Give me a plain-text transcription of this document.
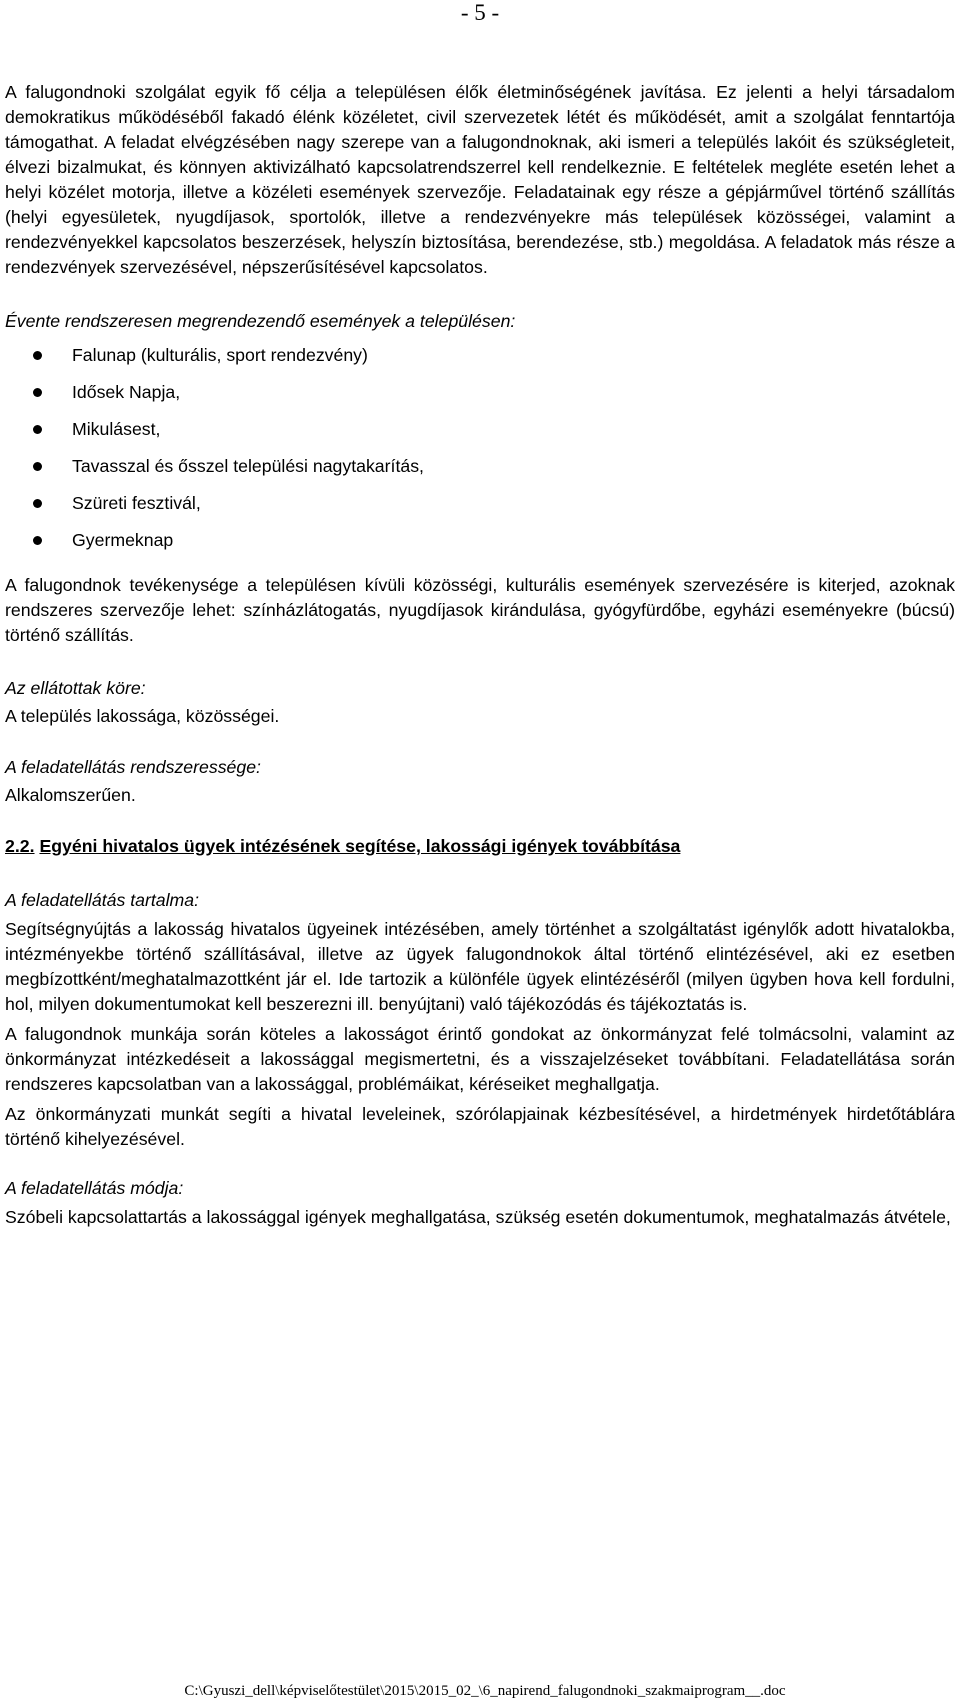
- 5 -

A falugondnoki szolgálat egyik fő célja a településen élők életminőségének javítása. Ez jelenti a helyi társadalom demokratikus működéséből fakadó élénk közéletet, civil szervezetek létét és működését, amit a szolgálat fenntartója támogathat. A feladat elvégzésében nagy szerepe van a falugondnoknak, aki ismeri a település lakóit és szükségleteit, élvezi bizalmukat, és könnyen aktivizálható kapcsolatrendszerrel kell rendelkeznie. E feltételek megléte esetén lehet a helyi közélet motorja, illetve a közéleti események szervezője. Feladatainak egy része a gépjárművel történő szállítás (helyi egyesületek, nyugdíjasok, sportolók, illetve a rendezvényekre más települések közösségei, valamint a rendezvényekkel kapcsolatos beszerzések, helyszín biztosítása, berendezése, stb.) megoldása. A feladatok más része a rendezvények szervezésével, népszerűsítésével kapcsolatos.

Évente rendszeresen megrendezendő események a településen:

Falunap (kulturális, sport rendezvény)
Idősek Napja,
Mikulásest,
Tavasszal és ősszel települési nagytakarítás,
Szüreti fesztivál,
Gyermeknap

A falugondnok tevékenysége a településen kívüli közösségi, kulturális események szervezésére is kiterjed, azoknak rendszeres szervezője lehet: színházlátogatás, nyugdíjasok kirándulása, gyógyfürdőbe, egyházi eseményekre (búcsú) történő szállítás.

Az ellátottak köre:

A település lakossága, közösségei.

A feladatellátás rendszeressége:

Alkalomszerűen.

2.2. Egyéni hivatalos ügyek intézésének segítése, lakossági igények továbbítása

A feladatellátás tartalma:

Segítségnyújtás a lakosság hivatalos ügyeinek intézésében, amely történhet a szolgáltatást igénylők adott hivatalokba, intézményekbe történő szállításával, illetve az ügyek falugondnokok által történő elintézésével, aki ez esetben megbízottként/meghatalmazottként jár el. Ide tartozik a különféle ügyek elintézéséről (milyen ügyben hova kell fordulni, hol, milyen dokumentumokat kell beszerezni ill. benyújtani) való tájékozódás és tájékoztatás is.

A falugondnok munkája során köteles a lakosságot érintő gondokat az önkormányzat felé tolmácsolni, valamint az önkormányzat intézkedéseit a lakossággal megismertetni, és a visszajelzéseket továbbítani. Feladatellátása során rendszeres kapcsolatban van a lakossággal, problémáikat, kéréseiket meghallgatja.

Az önkormányzati munkát segíti a hivatal leveleinek, szórólapjainak kézbesítésével, a hirdetmények hirdetőtáblára történő kihelyezésével.

A feladatellátás módja:

Szóbeli kapcsolattartás a lakossággal igények meghallgatása, szükség esetén dokumentumok, meghatalmazás átvétele,

C:\Gyuszi_dell\képviselőtestület\2015\2015_02_\6_napirend_falugondnoki_szakmaiprogram__.doc
